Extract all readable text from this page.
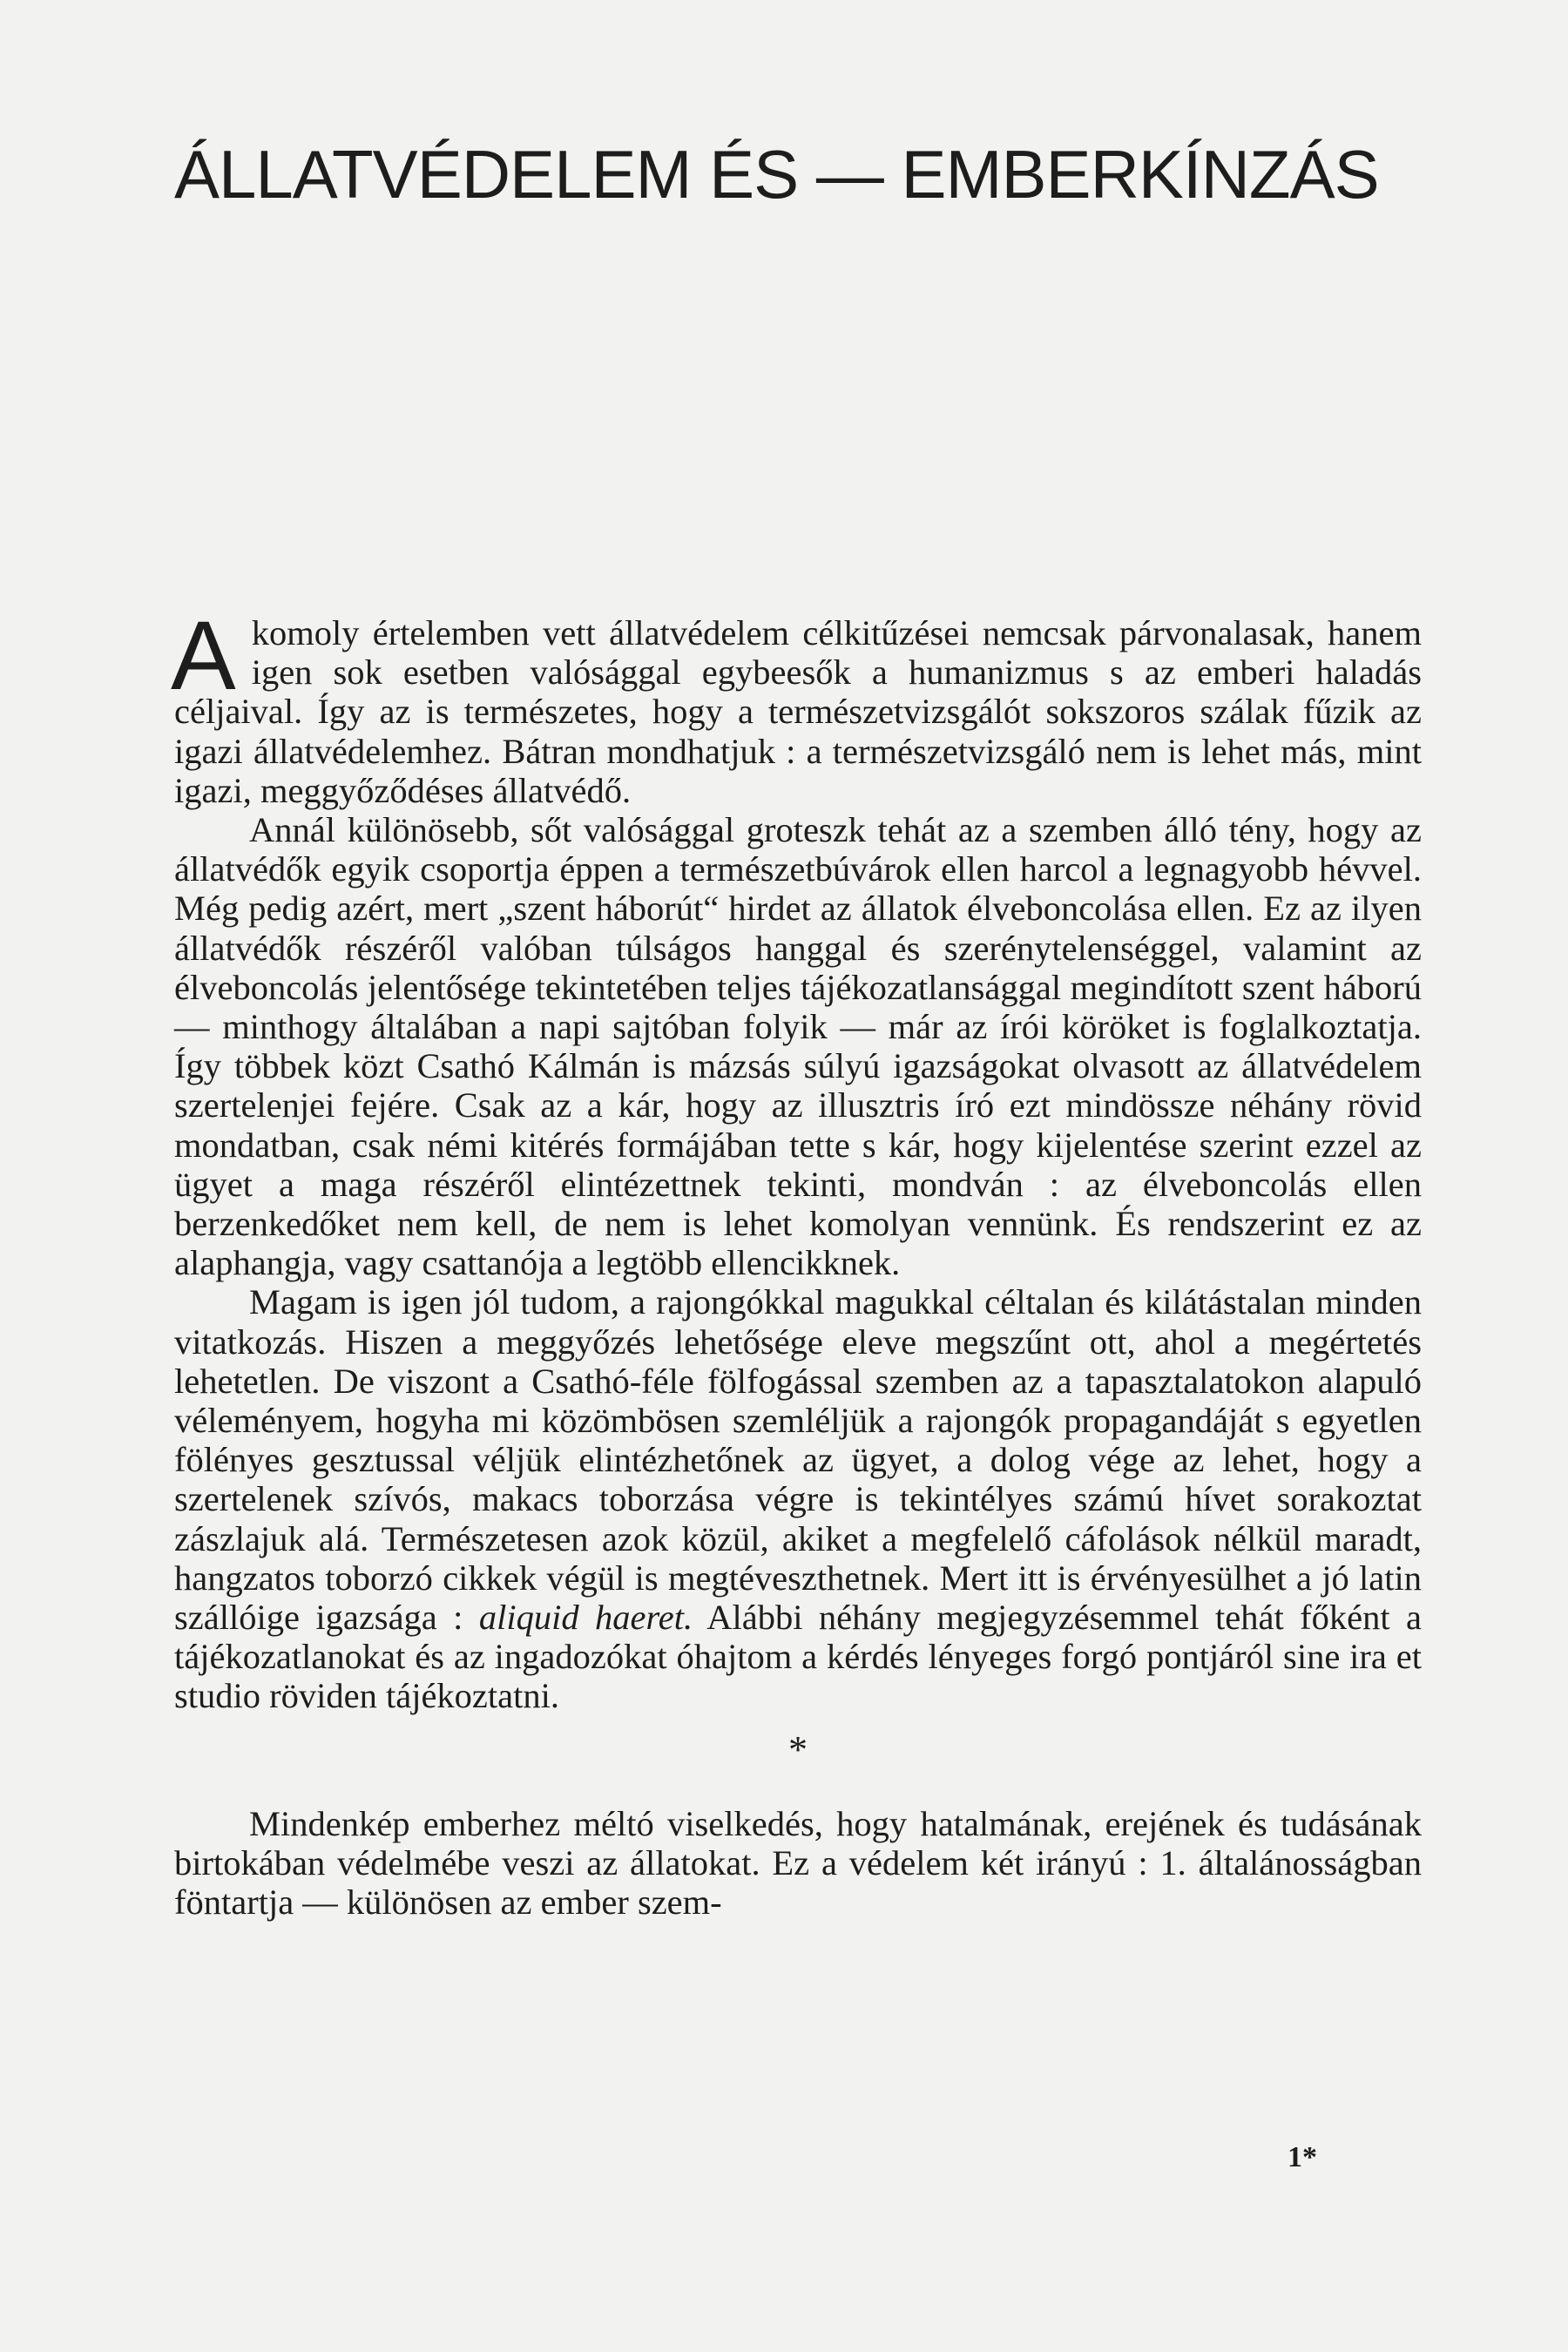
ÁLLATVÉDELEM ÉS — EMBERKÍNZÁS

Akomoly értelemben vett állatvédelem célkitűzései nemcsak párvonalasak, hanem igen sok esetben valósággal egybeesők a humanizmus s az emberi haladás céljaival. Így az is természetes, hogy a természetvizsgálót sokszoros szálak fűzik az igazi állatvédelemhez. Bátran mondhatjuk : a természetvizsgáló nem is lehet más, mint igazi, meggyőződéses állatvédő.

Annál különösebb, sőt valósággal groteszk tehát az a szemben álló tény, hogy az állatvédők egyik csoportja éppen a természetbúvárok ellen harcol a legnagyobb hévvel. Még pedig azért, mert „szent háborút“ hirdet az állatok élveboncolása ellen. Ez az ilyen állatvédők részéről valóban túlságos hanggal és szerénytelenséggel, valamint az élveboncolás jelentősége tekintetében teljes tájékozatlansággal megindított szent háború — minthogy általában a napi sajtóban folyik — már az írói köröket is foglalkoztatja. Így többek közt Csathó Kálmán is mázsás súlyú igazságokat olvasott az állatvédelem szertelenjei fejére. Csak az a kár, hogy az illusztris író ezt mindössze néhány rövid mondatban, csak némi kitérés formájában tette s kár, hogy kijelentése szerint ezzel az ügyet a maga részéről elintézettnek tekinti, mondván : az élveboncolás ellen berzenkedőket nem kell, de nem is lehet komolyan vennünk. És rendszerint ez az alaphangja, vagy csattanója a legtöbb ellencikknek.

Magam is igen jól tudom, a rajongókkal magukkal céltalan és kilátástalan minden vitatkozás. Hiszen a meggyőzés lehetősége eleve megszűnt ott, ahol a megértetés lehetetlen. De viszont a Csathó-féle fölfogással szemben az a tapasztalatokon alapuló véleményem, hogyha mi közömbösen szemléljük a rajongók propagandáját s egyetlen fölényes gesztussal véljük elintézhetőnek az ügyet, a dolog vége az lehet, hogy a szertelenek szívós, makacs toborzása végre is tekintélyes számú hívet sorakoztat zászlajuk alá. Természetesen azok közül, akiket a megfelelő cáfolások nélkül maradt, hangzatos toborzó cikkek végül is megtéveszthetnek. Mert itt is érvényesülhet a jó latin szállóige igazsága : aliquid haeret. Alábbi néhány megjegyzésemmel tehát főként a tájékozatlanokat és az ingadozókat óhajtom a kérdés lényeges forgó pontjáról sine ira et studio röviden tájékoztatni.

*

Mindenkép emberhez méltó viselkedés, hogy hatalmának, erejének és tudásának birtokában védelmébe veszi az állatokat. Ez a védelem két irányú : 1. általánosságban föntartja — különösen az ember szem-

1*
